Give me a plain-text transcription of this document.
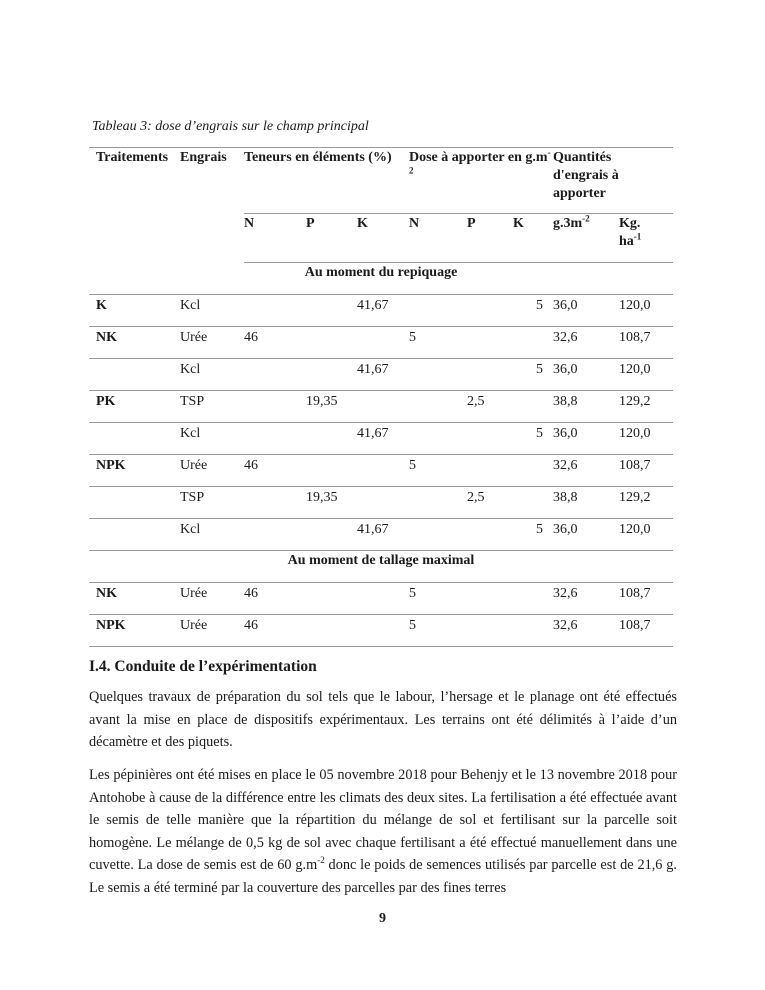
Tableau 3: dose d’engrais sur le champ principal
Traitements	Engrais	Teneurs en éléments (%)			Dose à apporter en $g.m^{-2}$			Quantités d'engrais à apporter	

		N	P	K	N	P	K	$g.3m^{-2}$	Kg. $ha^{-1}$

Au moment du repiquage									
K	Kcl			41,67			5	36,0	120,0
NK	Urée	46			5			32,6	108,7
	Kcl			41,67			5	36,0	120,0
PK	TSP		19,35			2,5		38,8	129,2
	Kcl			41,67			5	36,0	120,0
NPK	Urée	46			5			32,6	108,7
	TSP		19,35			2,5		38,8	129,2
	Kcl			41,67			5	36,0	120,0
Au moment de tallage maximal									
NK	Urée	46			5			32,6	108,7
NPK	Urée	46			5			32,6	108,7
I.4. Conduite de l’expérimentation

Quelques travaux de préparation du sol tels que le labour, l’hersage et le planage ont été effectués avant la mise en place de dispositifs expérimentaux. Les terrains ont été délimités à l’aide d’un décamètre et des piquets.

Les pépinières ont été mises en place le 05 novembre 2018 pour Behenjy et le 13 novembre 2018 pour Antohobe à cause de la différence entre les climats des deux sites. La fertilisation a été effectuée avant le semis de telle manière que la répartition du mélange de sol et fertilisant sur la parcelle soit homogène. Le mélange de 0,5 kg de sol avec chaque fertilisant a été effectué manuellement dans une cuvette. La dose de semis est de 60 $g.m^{-2}$ donc le poids de semences utilisés par parcelle est de 21,6 g. Le semis a été terminé par la couverture des parcelles par des fines terres

9
